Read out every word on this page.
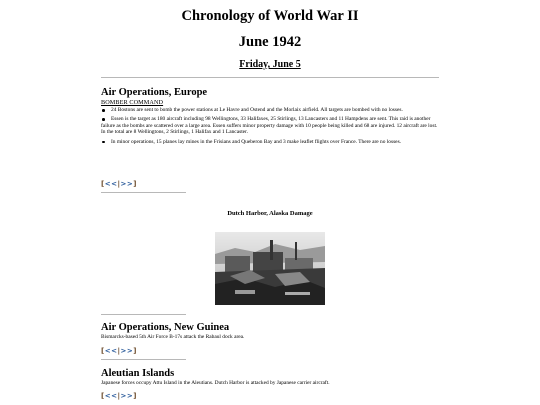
Chronology of World War II
June 1942
Friday, June 5
Air Operations, Europe
BOMBER COMMAND
24 Bostons are sent to bomb the power stations at Le Havre and Ostend and the Morlaix airfield. All targets are bombed with no losses.
Essen is the target as 180 aircraft including 98 Wellingtons, 33 Halifaxes, 25 Stirlings, 13 Lancasters and 11 Hampdens are sent. This raid is another failure as the bombs are scattered over a large area. Essen suffers minor property damage with 10 people being killed and 68 are injured. 12 aircraft are lost. In the total are 8 Wellingtons, 2 Stirlings, 1 Halifax and 1 Lancaster.
In minor operations, 15 planes lay mines in the Frisians and Queberon Bay and 3 make leaflet flights over France. There are no losses.
[<<|>>]
Dutch Harbor, Alaska Damage
Air Operations, New Guinea

Bismarcks-based 5th Air Force B-17s attack the Rabaul dock area.

[<<|>>]
Aleutian Islands

Japanese forces occupy Attu Island in the Aleutians. Dutch Harbor is attacked by Japanese carrier aircraft.

[<<|>>]
